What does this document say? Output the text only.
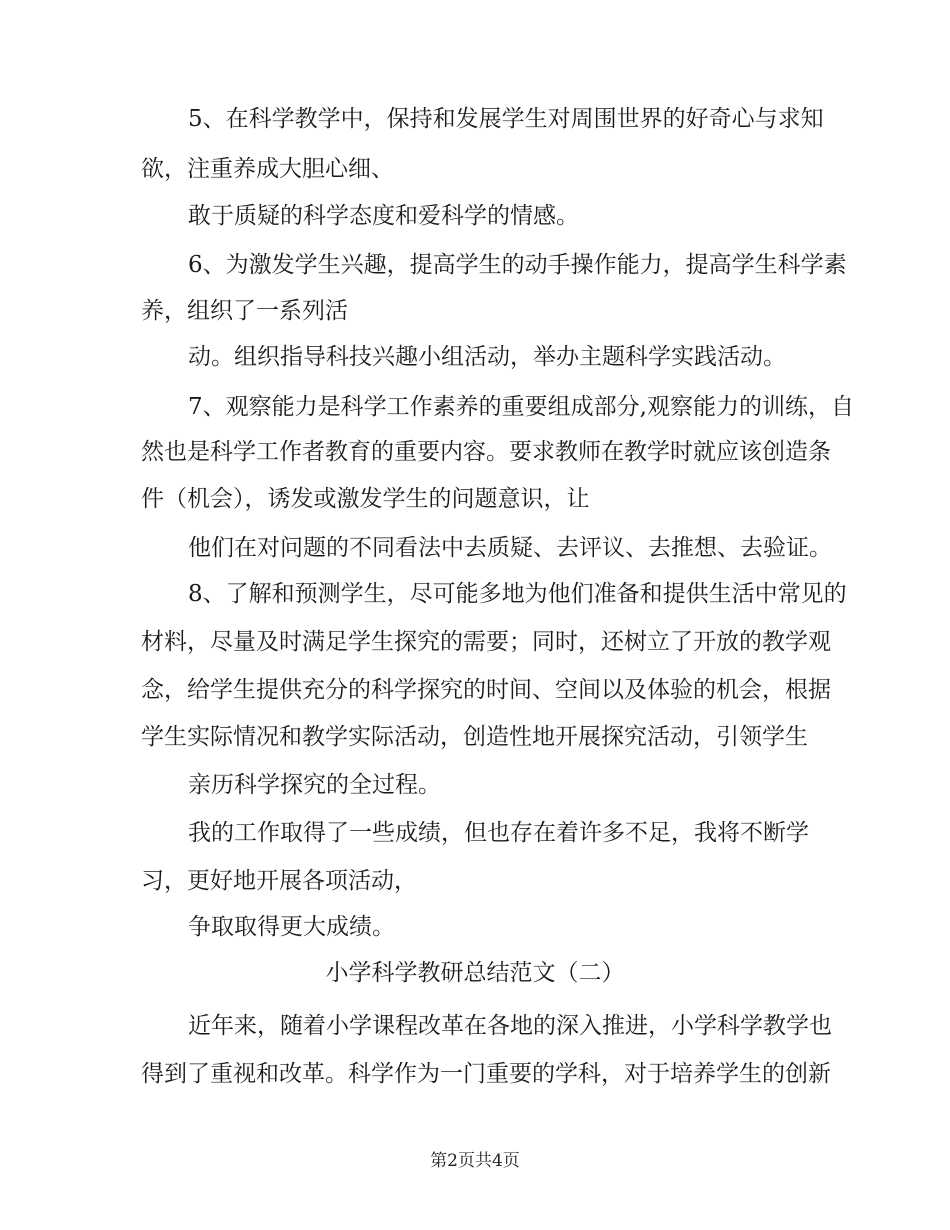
5、在科学教学中，保持和发展学生对周围世界的好奇心与求知
欲，注重养成大胆心细、
敢于质疑的科学态度和爱科学的情感。
6、为激发学生兴趣，提高学生的动手操作能力，提高学生科学素
养，组织了一系列活
动。组织指导科技兴趣小组活动，举办主题科学实践活动。
7、观察能力是科学工作素养的重要组成部分,观察能力的训练，自
然也是科学工作者教育的重要内容。要求教师在教学时就应该创造条
件（机会），诱发或激发学生的问题意识，让
他们在对问题的不同看法中去质疑、去评议、去推想、去验证。
8、了解和预测学生，尽可能多地为他们准备和提供生活中常见的
材料，尽量及时满足学生探究的需要；同时，还树立了开放的教学观
念，给学生提供充分的科学探究的时间、空间以及体验的机会，根据
学生实际情况和教学实际活动，创造性地开展探究活动，引领学生
亲历科学探究的全过程。
我的工作取得了一些成绩，但也存在着许多不足，我将不断学
习，更好地开展各项活动，
争取取得更大成绩。
小学科学教研总结范文（二）
近年来，随着小学课程改革在各地的深入推进，小学科学教学也
得到了重视和改革。科学作为一门重要的学科，对于培养学生的创新
第2页共4页
